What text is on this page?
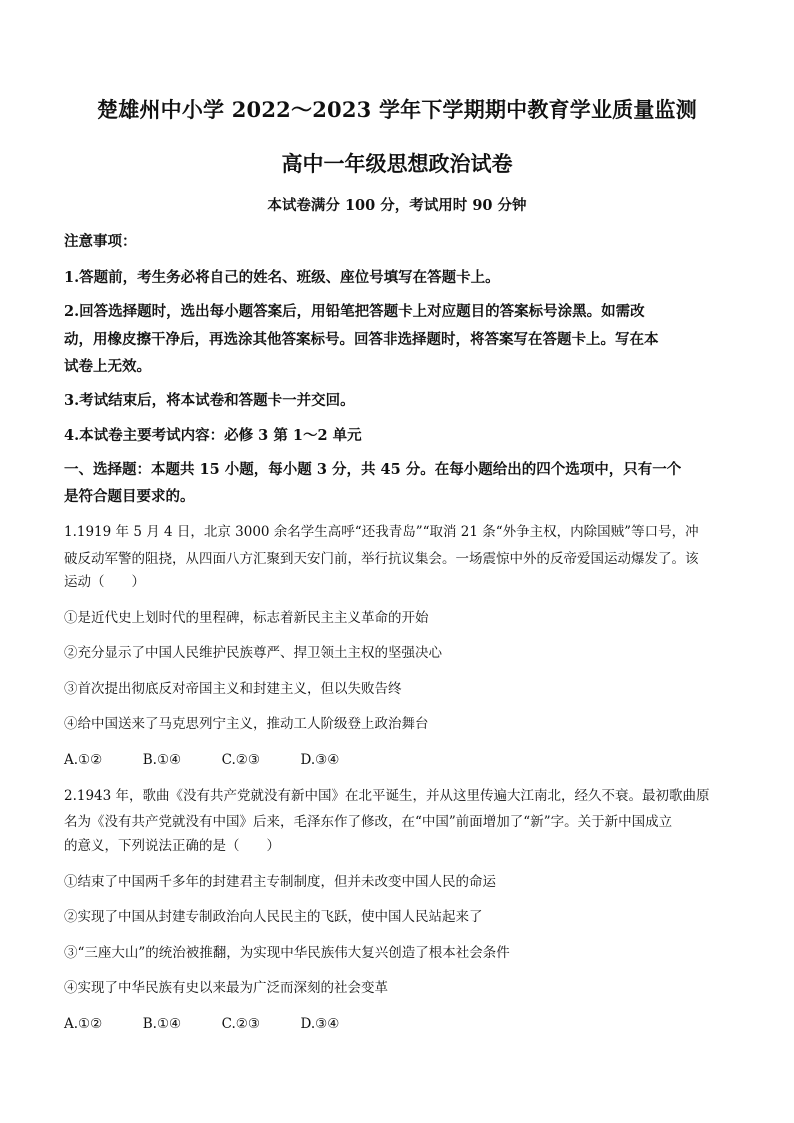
楚雄州中小学 2022～2023 学年下学期期中教育学业质量监测
高中一年级思想政治试卷
本试卷满分 100 分，考试用时 90 分钟
注意事项：
1.答题前，考生务必将自己的姓名、班级、座位号填写在答题卡上。
2.回答选择题时，选出每小题答案后，用铅笔把答题卡上对应题目的答案标号涂黑。如需改
动，用橡皮擦干净后，再选涂其他答案标号。回答非选择题时，将答案写在答题卡上。写在本
试卷上无效。
3.考试结束后，将本试卷和答题卡一并交回。
4.本试卷主要考试内容：必修 3 第 1～2 单元
一、选择题：本题共 15 小题，每小题 3 分，共 45 分。在每小题给出的四个选项中，只有一个
是符合题目要求的。
1.1919 年 5 月 4 日，北京 3000 余名学生高呼“还我青岛”“取消 21 条“外争主权，内除国贼”等口号，冲
破反动军警的阻挠，从四面八方汇聚到天安门前，举行抗议集会。一场震惊中外的反帝爱国运动爆发了。该
运动（　　）
①是近代史上划时代的里程碑，标志着新民主主义革命的开始
②充分显示了中国人民维护民族尊严、捍卫领土主权的坚强决心
③首次提出彻底反对帝国主义和封建主义，但以失败告终
④给中国送来了马克思列宁主义，推动工人阶级登上政治舞台
A.①②　　　B.①④　　　C.②③　　　D.③④
2.1943 年，歌曲《没有共产党就没有新中国》在北平诞生，并从这里传遍大江南北，经久不衰。最初歌曲原
名为《没有共产党就没有中国》后来，毛泽东作了修改，在“中国”前面增加了“新”字。关于新中国成立
的意义，下列说法正确的是（　　）
①结束了中国两千多年的封建君主专制制度，但并未改变中国人民的命运
②实现了中国从封建专制政治向人民民主的飞跃，使中国人民站起来了
③“三座大山”的统治被推翻，为实现中华民族伟大复兴创造了根本社会条件
④实现了中华民族有史以来最为广泛而深刻的社会变革
A.①②　　　B.①④　　　C.②③　　　D.③④
